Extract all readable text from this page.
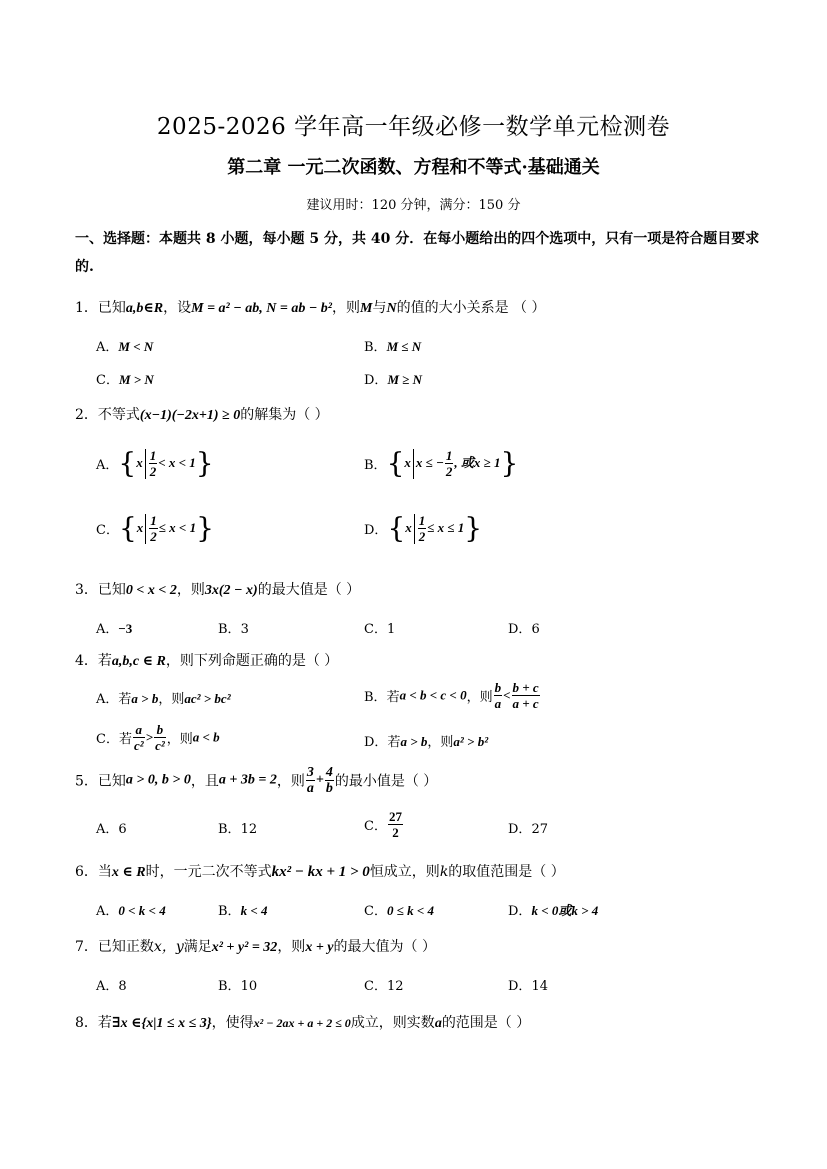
2025-2026 学年高一年级必修一数学单元检测卷
第二章 一元二次函数、方程和不等式·基础通关
建议用时：120 分钟，满分：150 分
一、选择题：本题共 8 小题，每小题 5 分，共 40 分．在每小题给出的四个选项中，只有一项是符合题目要求的.
1．已知a,b∈R，设M = a² − ab, N = ab − b²，则M与N的值的大小关系是 （ ）
A．M < N	B．M ≤ N
C．M > N	D．M ≥ N
2．不等式(x−1)(−2x+1) ≥ 0的解集为（ ）
A．$\{x \frac{1}{2} < x < 1\}$	B．{x x ≤ − $\frac{1}{2}$ , 或x ≥ 1}
C．$\{x \frac{1}{2} \le x < 1\}$	D．$\{x \frac{1}{2} \le x \le 1\}$
3．已知0 < x < 2，则3x(2 − x)的最大值是（ ）
A．−3	B．3	C．1	D．6
4．若a,b,c ∈ R，则下列命题正确的是（ ）
A．若a > b，则ac² > bc²	B．若a < b < c < 0，则 $\frac{b}{a} < \frac{b + c}{a + c}$
C．若 $\frac{a}{\text{c²}} > \frac{b}{\text{c²}}$ ，则a < b	D．若a > b，则a² > b²
5．已知a > 0, b > 0，且a + 3b = 2，则 $\frac{3}{a} + \frac{4}{b}$ 的最小值是（ ）
A．6	B．12	C． $\frac{27}{2}$	D．27
6．当x ∈ R时，一元二次不等式kx² − kx + 1 > 0恒成立，则k的取值范围是（ ）
A．0 < k < 4	B．k < 4	C．0 ≤ k < 4	D．k < 0或k > 4
7．已知正数x，y满足x² + y² = 32，则x + y的最大值为（ ）
A．8	B．10	C．12	D．14
8．若∃x ∈{x|1 ≤ x ≤ 3}，使得x² − 2ax + a + 2 ≤ 0成立，则实数a的范围是（ ）
